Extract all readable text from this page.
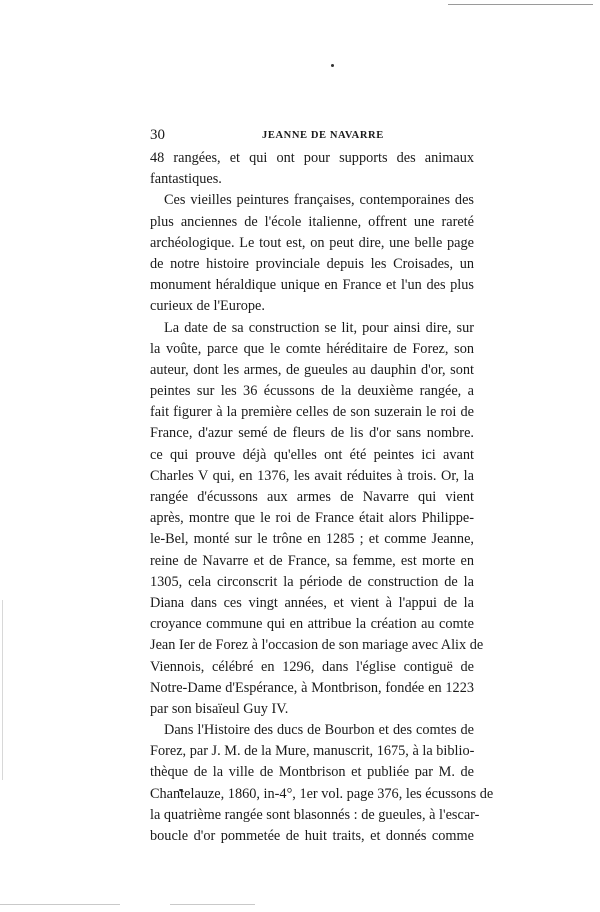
30	JEANNE DE NAVARRE
48 rangées, et qui ont pour supports des animaux
fantastiques.
Ces vieilles peintures françaises, contemporaines des
plus anciennes de l'école italienne, offrent une rareté
archéologique. Le tout est, on peut dire, une belle page
de notre histoire provinciale depuis les Croisades, un
monument héraldique unique en France et l'un des plus
curieux de l'Europe.
La date de sa construction se lit, pour ainsi dire, sur
la voûte, parce que le comte héréditaire de Forez, son
auteur, dont les armes, de gueules au dauphin d'or, sont
peintes sur les 36 écussons de la deuxième rangée, a
fait figurer à la première celles de son suzerain le roi de
France, d'azur semé de fleurs de lis d'or sans nombre.
ce qui prouve déjà qu'elles ont été peintes ici avant
Charles V qui, en 1376, les avait réduites à trois. Or, la
rangée d'écussons aux armes de Navarre qui vient
après, montre que le roi de France était alors Philippe-
le-Bel, monté sur le trône en 1285 ; et comme Jeanne,
reine de Navarre et de France, sa femme, est morte en
1305, cela circonscrit la période de construction de la
Diana dans ces vingt années, et vient à l'appui de la
croyance commune qui en attribue la création au comte
Jean Ier de Forez à l'occasion de son mariage avec Alix de
Viennois, célébré en 1296, dans l'église contiguë de
Notre-Dame d'Espérance, à Montbrison, fondée en 1223
par son bisaïeul Guy IV.
Dans l'Histoire des ducs de Bourbon et des comtes de
Forez, par J. M. de la Mure, manuscrit, 1675, à la biblio-
thèque de la ville de Montbrison et publiée par M. de
Chantelauze, 1860, in-4°, 1er vol. page 376, les écussons de
la quatrième rangée sont blasonnés : de gueules, à l'escar-
boucle d'or pommetée de huit traits, et donnés comme
